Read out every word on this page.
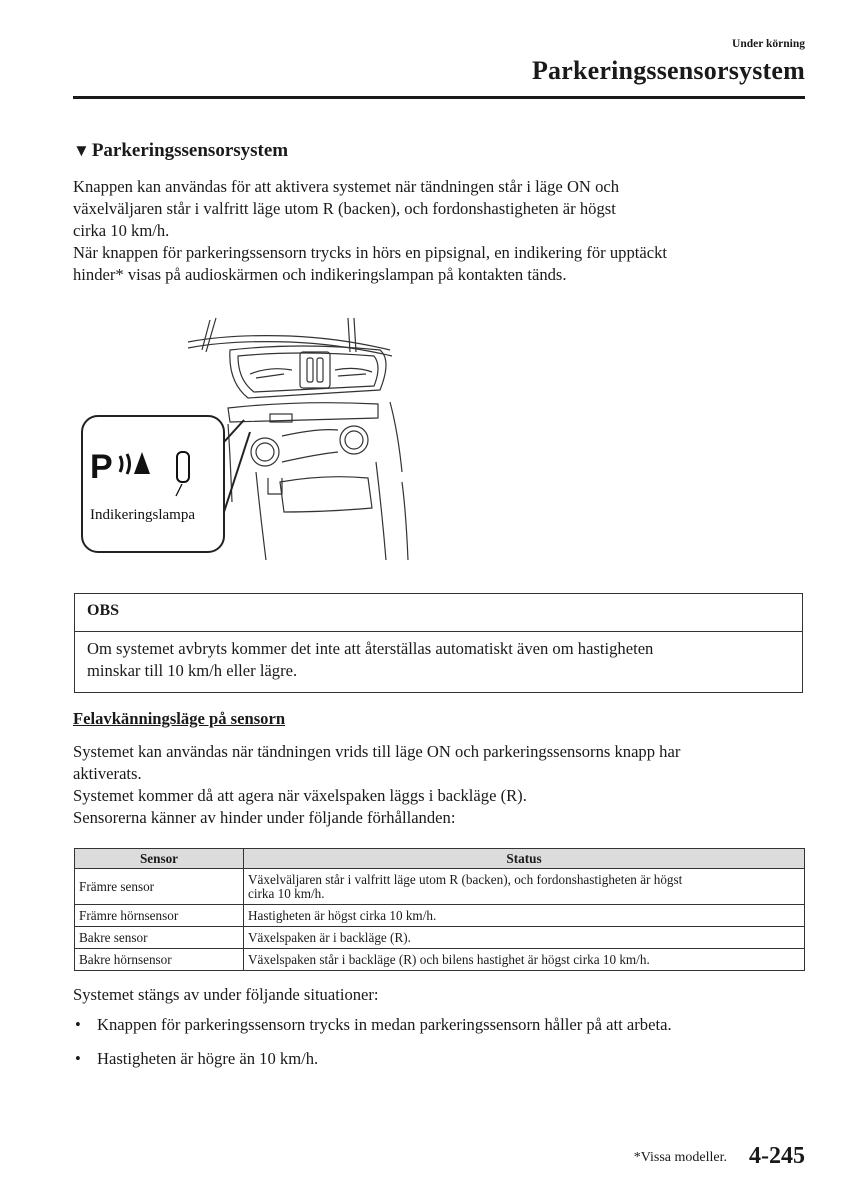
Under körning
Parkeringssensorsystem
▼ Parkeringssensorsystem
Knappen kan användas för att aktivera systemet när tändningen står i läge ON och
växelväljaren står i valfritt läge utom R (backen), och fordonshastigheten är högst
cirka 10 km/h.
När knappen för parkeringssensorn trycks in hörs en pipsignal, en indikering för upptäckt
hinder* visas på audioskärmen och indikeringslampan på kontakten tänds.
P
Indikeringslampa
OBS
Om systemet avbryts kommer det inte att återställas automatiskt även om hastigheten
minskar till 10 km/h eller lägre.
Felavkänningsläge på sensorn
Systemet kan användas när tändningen vrids till läge ON och parkeringssensorns knapp har
aktiverats.
Systemet kommer då att agera när växelspaken läggs i backläge (R).
Sensorerna känner av hinder under följande förhållanden:
Sensor	Status
Främre sensor	Växelväljaren står i valfritt läge utom R (backen), och fordonshastigheten är högst
cirka 10 km/h.

Främre hörnsensor	Hastigheten är högst cirka 10 km/h.
Bakre sensor	Växelspaken är i backläge (R).
Bakre hörnsensor	Växelspaken står i backläge (R) och bilens hastighet är högst cirka 10 km/h.
Systemet stängs av under följande situationer:
• Knappen för parkeringssensorn trycks in medan parkeringssensorn håller på att arbeta.
• Hastigheten är högre än 10 km/h.
*Vissa modeller. 4-245
